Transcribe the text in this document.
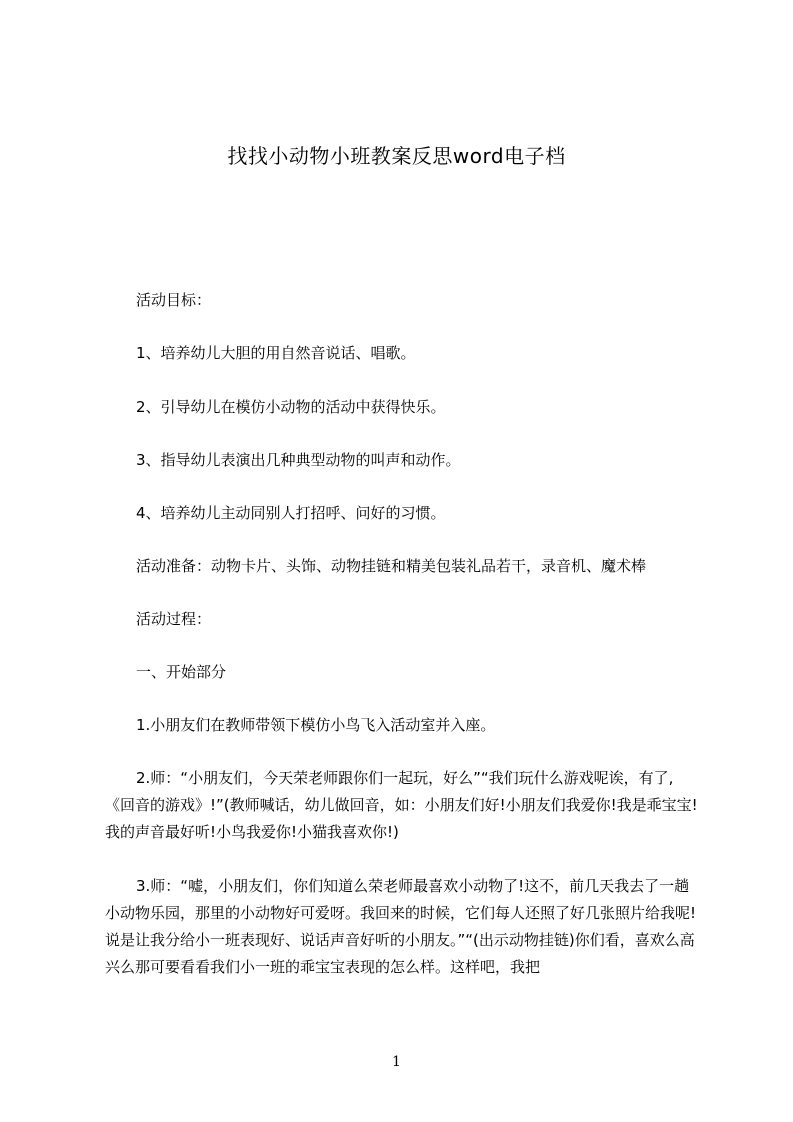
找找小动物小班教案反思word电子档

活动目标：

1、培养幼儿大胆的用自然音说话、唱歌。

2、引导幼儿在模仿小动物的活动中获得快乐。

3、指导幼儿表演出几种典型动物的叫声和动作。

4、培养幼儿主动同别人打招呼、问好的习惯。

活动准备：动物卡片、头饰、动物挂链和精美包装礼品若干，录音机、魔术棒

活动过程：

一、开始部分

1.小朋友们在教师带领下模仿小鸟飞入活动室并入座。

2.师：“小朋友们，今天荣老师跟你们一起玩，好么”“我们玩什么游戏呢诶，有了,《回音的游戏》!”(教师喊话，幼儿做回音，如：小朋友们好!小朋友们我爱你!我是乖宝宝!我的声音最好听!小鸟我爱你!小猫我喜欢你!)

3.师：“嘘，小朋友们，你们知道么荣老师最喜欢小动物了!这不，前几天我去了一趟小动物乐园，那里的小动物好可爱呀。我回来的时候，它们每人还照了好几张照片给我呢!说是让我分给小一班表现好、说话声音好听的小朋友。”“(出示动物挂链)你们看，喜欢么高兴么那可要看看我们小一班的乖宝宝表现的怎么样。这样吧，我把

1
